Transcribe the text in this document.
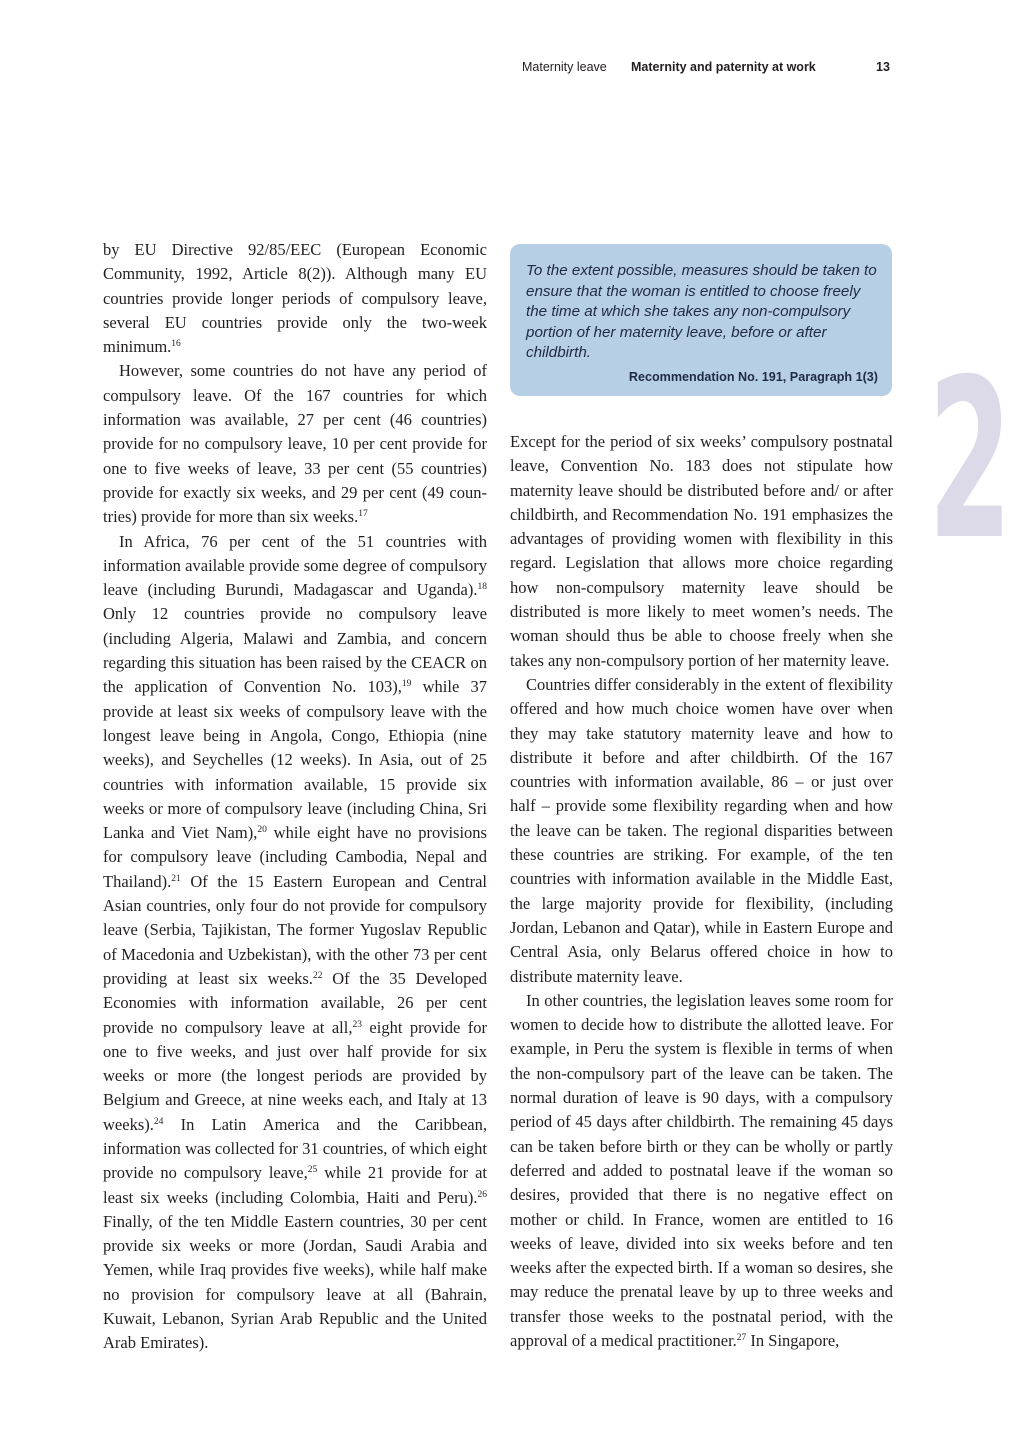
Maternity leave Maternity and paternity at work	13

by EU Directive 92/85/EEC (European Economic Community, 1992, Article 8(2)). Although many EU countries provide longer periods of compulsory leave, several EU countries provide only the two-week minimum.$^{16}$

However, some countries do not have any period of compulsory leave. Of the 167 countries for which information was available, 27 per cent (46 countries) provide for no compulsory leave, 10 per cent provide for one to five weeks of leave, 33 per cent (55 countries) provide for exactly six weeks, and 29 per cent (49 countries) provide for more than six weeks.$^{17}$

In Africa, 76 per cent of the 51 countries with information available provide some degree of compulsory leave (including Burundi, Madagascar and Uganda).$^{18}$ Only 12 countries provide no compulsory leave (including Algeria, Malawi and Zambia, and concern regarding this situation has been raised by the CEACR on the application of Convention No. 103),$^{19}$ while 37 provide at least six weeks of compulsory leave with the longest leave being in Angola, Congo, Ethiopia (nine weeks), and Seychelles (12 weeks). In Asia, out of 25 countries with information available, 15 provide six weeks or more of compulsory leave (including China, Sri Lanka and Viet Nam),$^{20}$ while eight have no provisions for compulsory leave (including Cambodia, Nepal and Thailand).$^{21}$ Of the 15 Eastern European and Central Asian countries, only four do not provide for compulsory leave (Serbia, Tajikistan, The former Yugoslav Republic of Macedonia and Uzbekistan), with the other 73 per cent providing at least six weeks.$^{22}$ Of the 35 Developed Economies with information available, 26 per cent provide no compulsory leave at all,$^{23}$ eight provide for one to five weeks, and just over half provide for six weeks or more (the longest periods are provided by Belgium and Greece, at nine weeks each, and Italy at 13 weeks).$^{24}$ In Latin America and the Caribbean, information was collected for 31 countries, of which eight provide no compulsory leave,$^{25}$ while 21 provide for at least six weeks (including Colombia, Haiti and Peru).$^{26}$ Finally, of the ten Middle Eastern countries, 30 per cent provide six weeks or more (Jordan, Saudi Arabia and Yemen, while Iraq provides five weeks), while half make no provision for compulsory leave at all (Bahrain, Kuwait, Lebanon, Syrian Arab Republic and the United Arab Emirates).

To the extent possible, measures should be taken to ensure that the woman is entitled to choose freely the time at which she takes any non-compulsory portion of her maternity leave, before or after childbirth.

Recommendation No. 191, Paragraph 1(3) 2

Except for the period of six weeks’ compulsory postnatal leave, Convention No. 183 does not stipulate how maternity leave should be distributed before and/ or after childbirth, and Recommendation No. 191 emphasizes the advantages of providing women with flexibility in this regard. Legislation that allows more choice regarding how non-compulsory maternity leave should be distributed is more likely to meet women’s needs. The woman should thus be able to choose freely when she takes any non-compulsory portion of her maternity leave.

Countries differ considerably in the extent of flexibility offered and how much choice women have over when they may take statutory maternity leave and how to distribute it before and after childbirth. Of the 167 countries with information available, 86 – or just over half – provide some flexibility regarding when and how the leave can be taken. The regional disparities between these countries are striking. For example, of the ten countries with information available in the Middle East, the large majority provide for flexibility, (including Jordan, Lebanon and Qatar), while in Eastern Europe and Central Asia, only Belarus offered choice in how to distribute maternity leave.

In other countries, the legislation leaves some room for women to decide how to distribute the allotted leave. For example, in Peru the system is flexible in terms of when the non-compulsory part of the leave can be taken. The normal duration of leave is 90 days, with a compulsory period of 45 days after childbirth. The remaining 45 days can be taken before birth or they can be wholly or partly deferred and added to postnatal leave if the woman so desires, provided that there is no negative effect on mother or child. In France, women are entitled to 16 weeks of leave, divided into six weeks before and ten weeks after the expected birth. If a woman so desires, she may reduce the prenatal leave by up to three weeks and transfer those weeks to the postnatal period, with the approval of a medical practitioner.$^{27}$ In Singapore,
